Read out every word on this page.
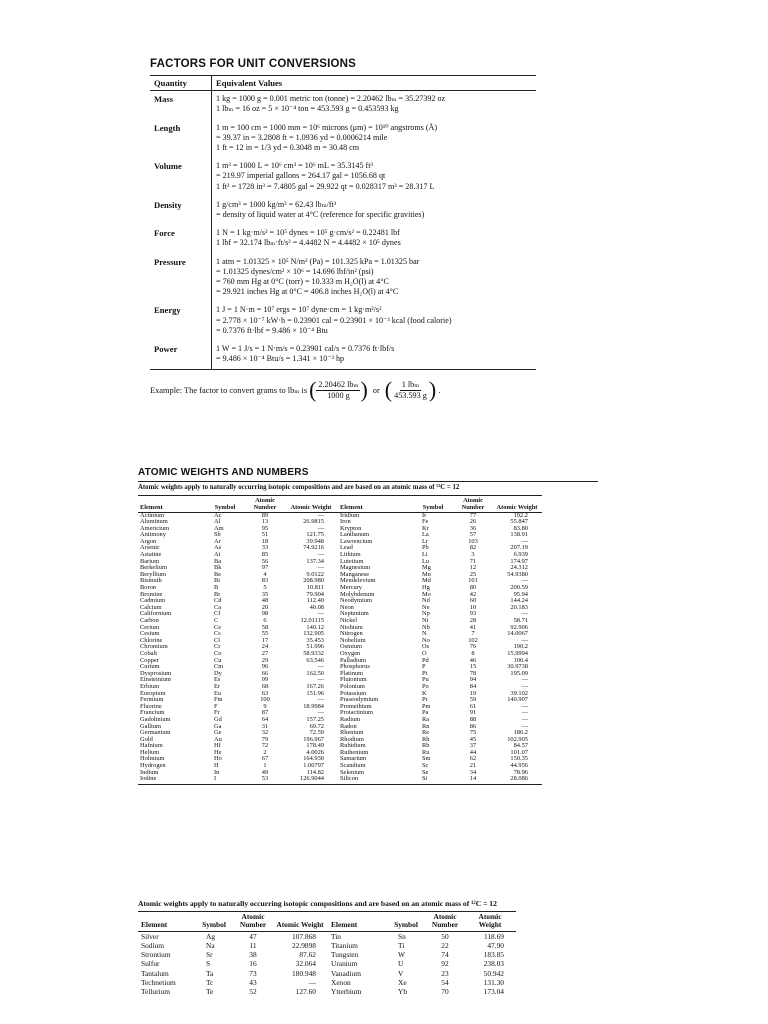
FACTORS FOR UNIT CONVERSIONS
Quantity	Equivalent Values
Mass	1 kg = 1000 g = 0.001 metric ton (tonne) = 2.20462 lbₘ = 35.27392 oz
1 lbₘ = 16 oz = 5 × 10⁻⁴ ton = 453.593 g = 0.453593 kg

Length	1 m = 100 cm = 1000 mm = 10⁶ microns (μm) = 10¹⁰ angstroms (Å)
= 39.37 in = 3.2808 ft = 1.0936 yd = 0.0006214 mile
1 ft = 12 in = 1/3 yd = 0.3048 m = 30.48 cm

Volume	1 m³ = 1000 L = 10⁶ cm³ = 10⁶ mL = 35.3145 ft³
= 219.97 imperial gallons = 264.17 gal = 1056.68 qt
1 ft³ = 1728 in³ = 7.4805 gal = 29.922 qt = 0.028317 m³ = 28.317 L

Density	1 g/cm³ = 1000 kg/m³ = 62.43 lbₘ/ft³
= density of liquid water at 4°C (reference for specific gravities)

Force	1 N = 1 kg·m/s² = 10⁵ dynes = 10⁵ g·cm/s² = 0.22481 lbf
1 lbf = 32.174 lbₘ·ft/s² = 4.4482 N = 4.4482 × 10⁵ dynes

Pressure	1 atm = 1.01325 × 10⁵ N/m² (Pa) = 101.325 kPa = 1.01325 bar
= 1.01325 dynes/cm² × 10⁶ = 14.696 lbf/in² (psi)
= 760 mm Hg at 0°C (torr) = 10.333 m H₂O(l) at 4°C
= 29.921 inches Hg at 0°C = 406.8 inches H₂O(l) at 4°C

Energy	1 J = 1 N·m = 10⁷ ergs = 10⁷ dyne·cm = 1 kg·m²/s²
= 2.778 × 10⁻⁷ kW·h = 0.23901 cal = 0.23901 × 10⁻³ kcal (food calorie)
= 0.7376 ft·lbf = 9.486 × 10⁻⁴ Btu

Power	1 W = 1 J/s = 1 N·m/s = 0.23901 cal/s = 0.7376 ft·lbf/s
= 9.486 × 10⁻⁴ Btu/s = 1.341 × 10⁻³ hp
Example: The factor to convert grams to lbₘ is ( $\frac{\text{2.20462 lbₘ}}{1000 g}$ ) or ( $\frac{\text{1 lbₘ}}{453.593 g}$ ) .
ATOMIC WEIGHTS AND NUMBERS
Atomic weights apply to naturally occurring isotopic compositions and are based on an atomic mass of ¹²C = 12
Element	Symbol	Atomic Number	Atomic Weight	Element	Symbol	Atomic Number	Atomic Weight
Actinium	Ac	89	—	Iridium	Ir	77	192.2
Aluminum	Al	13	26.9815	Iron	Fe	26	55.847
Americium	Am	95	—	Krypton	Kr	36	83.80
Antimony	Sb	51	121.75	Lanthanum	La	57	138.91
Argon	Ar	18	39.948	Lawrencium	Lr	103	—
Arsenic	As	33	74.9216	Lead	Pb	82	207.19
Astatine	At	85	—	Lithium	Li	3	6.939
Barium	Ba	56	137.34	Lutetium	Lu	71	174.97
Berkelium	Bk	97	—	Magnesium	Mg	12	24.312
Beryllium	Be	4	9.0122	Manganese	Mn	25	54.9380
Bismuth	Bi	83	208.980	Mendelevium	Md	101	—
Boron	B	5	10.811	Mercury	Hg	80	200.59
Bromine	Br	35	79.904	Molybdenum	Mo	42	95.94
Cadmium	Cd	48	112.40	Neodymium	Nd	60	144.24
Calcium	Ca	20	40.08	Neon	Ne	10	20.183
Californium	Cf	98	—	Neptunium	Np	93	—
Carbon	C	6	12.01115	Nickel	Ni	28	58.71
Cerium	Ce	58	140.12	Niobium	Nb	41	92.906
Cesium	Cs	55	132.905	Nitrogen	N	7	14.0067
Chlorine	Cl	17	35.453	Nobelium	No	102	—
Chromium	Cr	24	51.996	Osmium	Os	76	190.2
Cobalt	Co	27	58.9332	Oxygen	O	8	15.9994
Copper	Cu	29	63.546	Palladium	Pd	46	106.4
Curium	Cm	96	—	Phosphorus	P	15	30.9738
Dysprosium	Dy	66	162.50	Platinum	Pt	78	195.09
Einsteinium	Es	99	—	Plutonium	Pu	94	—
Erbium	Er	68	167.26	Polonium	Po	84	—
Europium	Eu	63	151.96	Potassium	K	19	39.102
Fermium	Fm	100	—	Praseodymium	Pr	59	140.907
Fluorine	F	9	18.9984	Promethium	Pm	61	—
Francium	Fr	87	—	Protactinium	Pa	91	—
Gadolinium	Gd	64	157.25	Radium	Ra	88	—
Gallium	Ga	31	69.72	Radon	Rn	86	—
Germanium	Ge	32	72.59	Rhenium	Re	75	186.2
Gold	Au	79	196.967	Rhodium	Rh	45	102.905
Hafnium	Hf	72	178.49	Rubidium	Rb	37	84.57
Helium	He	2	4.0026	Ruthenium	Ru	44	101.07
Holmium	Ho	67	164.930	Samarium	Sm	62	150.35
Hydrogen	H	1	1.00797	Scandium	Sc	21	44.956
Indium	In	49	114.82	Selenium	Se	34	78.96
Iodine	I	53	126.9044	Silicon	Si	14	28.086
Atomic weights apply to naturally occurring isotopic compositions and are based on an atomic mass of ¹²C = 12
Element	Symbol	Atomic Number	Atomic Weight	Element	Symbol	Atomic Number	Atomic Weight
Silver	Ag	47	107.868	Tin	Sn	50	118.69
Sodium	Na	11	22.9898	Titanium	Ti	22	47.90
Strontium	Sr	38	87.62	Tungsten	W	74	183.85
Sulfur	S	16	32.064	Uranium	U	92	238.03
Tantalum	Ta	73	180.948	Vanadium	V	23	50.942
Technetium	Tc	43	—	Xenon	Xe	54	131.30
Tellurium	Te	52	127.60	Ytterbium	Yb	70	173.04
